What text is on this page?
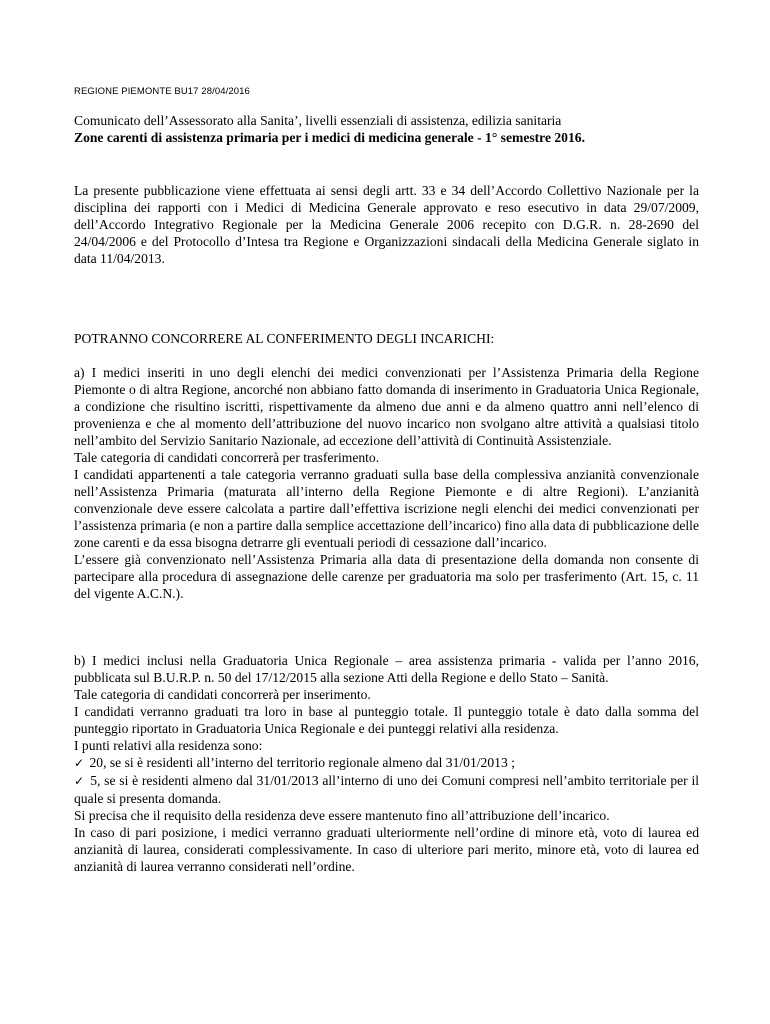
REGIONE PIEMONTE BU17 28/04/2016

Comunicato dell’Assessorato alla Sanita’, livelli essenziali di assistenza, edilizia sanitaria

Zone carenti di assistenza primaria per i medici di medicina generale - 1° semestre 2016.

La presente pubblicazione viene effettuata ai sensi degli artt. 33 e 34 dell’Accordo Collettivo Nazionale per la disciplina dei rapporti con i Medici di Medicina Generale approvato e reso esecutivo in data 29/07/2009, dell’Accordo Integrativo Regionale per la Medicina Generale 2006 recepito con D.G.R. n. 28-2690 del 24/04/2006 e del Protocollo d’Intesa tra Regione e Organizzazioni sindacali della Medicina Generale siglato in data 11/04/2013.

POTRANNO CONCORRERE AL CONFERIMENTO DEGLI INCARICHI:

a) I medici inseriti in uno degli elenchi dei medici convenzionati per l’Assistenza Primaria della Regione Piemonte o di altra Regione, ancorché non abbiano fatto domanda di inserimento in Graduatoria Unica Regionale, a condizione che risultino iscritti, rispettivamente da almeno due anni e da almeno quattro anni nell’elenco di provenienza e che al momento dell’attribuzione del nuovo incarico non svolgano altre attività a qualsiasi titolo nell’ambito del Servizio Sanitario Nazionale, ad eccezione dell’attività di Continuità Assistenziale.

Tale categoria di candidati concorrerà per trasferimento.

I candidati appartenenti a tale categoria verranno graduati sulla base della complessiva anzianità convenzionale nell’Assistenza Primaria (maturata all’interno della Regione Piemonte e di altre Regioni). L’anzianità convenzionale deve essere calcolata a partire dall’effettiva iscrizione negli elenchi dei medici convenzionati per l’assistenza primaria (e non a partire dalla semplice accettazione dell’incarico) fino alla data di pubblicazione delle zone carenti e da essa bisogna detrarre gli eventuali periodi di cessazione dall’incarico.

L’essere già convenzionato nell’Assistenza Primaria alla data di presentazione della domanda non consente di partecipare alla procedura di assegnazione delle carenze per graduatoria ma solo per trasferimento (Art. 15, c. 11 del vigente A.C.N.).

b) I medici inclusi nella Graduatoria Unica Regionale – area assistenza primaria - valida per l’anno 2016, pubblicata sul B.U.R.P. n. 50 del 17/12/2015 alla sezione Atti della Regione e dello Stato – Sanità.

Tale categoria di candidati concorrerà per inserimento.

I candidati verranno graduati tra loro in base al punteggio totale. Il punteggio totale è dato dalla somma del punteggio riportato in Graduatoria Unica Regionale e dei punteggi relativi alla residenza.

I punti relativi alla residenza sono:

✓ 20, se si è residenti all’interno del territorio regionale almeno dal 31/01/2013 ;

✓ 5, se si è residenti almeno dal 31/01/2013 all’interno di uno dei Comuni compresi nell’ambito territoriale per il quale si presenta domanda.

Si precisa che il requisito della residenza deve essere mantenuto fino all’attribuzione dell’incarico.

In caso di pari posizione, i medici verranno graduati ulteriormente nell’ordine di minore età, voto di laurea ed anzianità di laurea, considerati complessivamente. In caso di ulteriore pari merito, minore età, voto di laurea ed anzianità di laurea verranno considerati nell’ordine.
